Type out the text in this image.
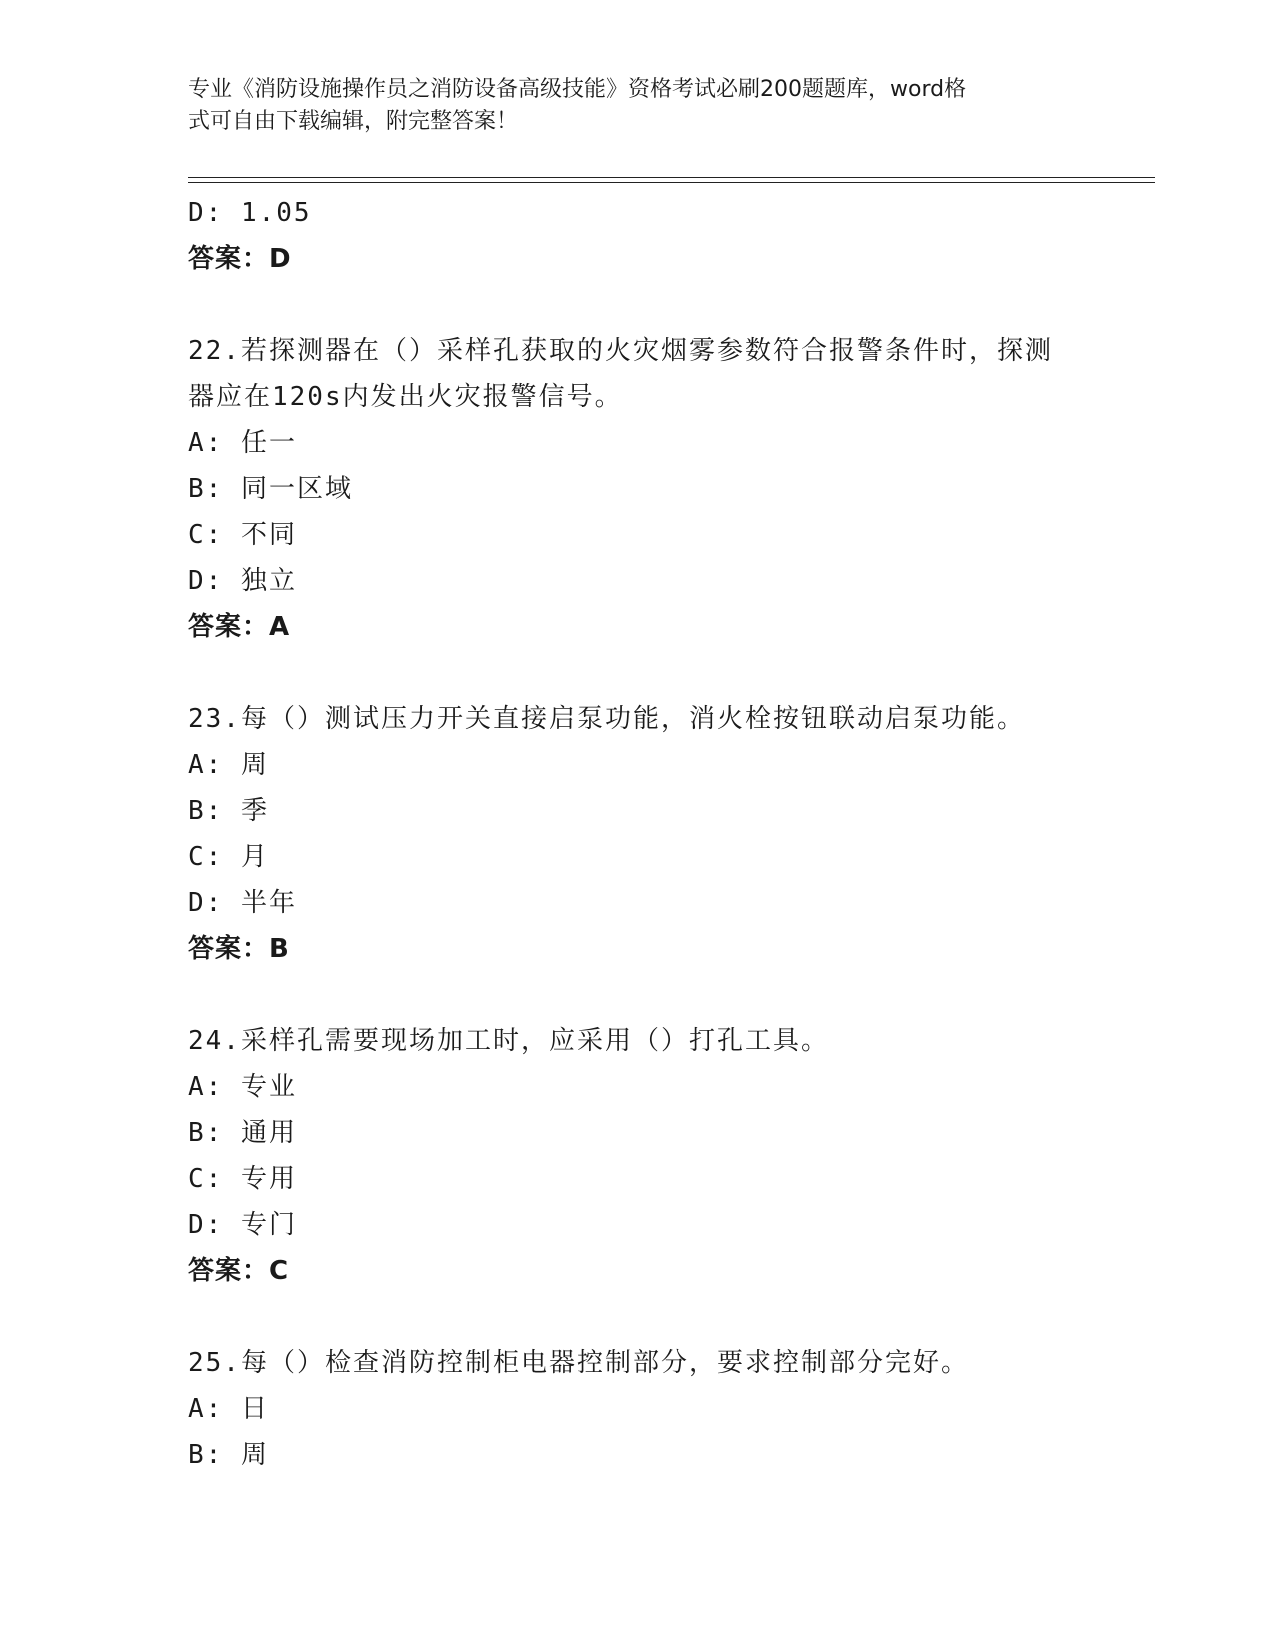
专业《消防设施操作员之消防设备高级技能》资格考试必刷200题题库，word格
式可自由下载编辑，附完整答案！
D: 1.05
答案：D
22.若探测器在（）采样孔获取的火灾烟雾参数符合报警条件时，探测
器应在120s内发出火灾报警信号。
A: 任一
B: 同一区域
C: 不同
D: 独立
答案：A
23.每（）测试压力开关直接启泵功能，消火栓按钮联动启泵功能。
A: 周
B: 季
C: 月
D: 半年
答案：B
24.采样孔需要现场加工时，应采用（）打孔工具。
A: 专业
B: 通用
C: 专用
D: 专门
答案：C
25.每（）检查消防控制柜电器控制部分，要求控制部分完好。
A: 日
B: 周
